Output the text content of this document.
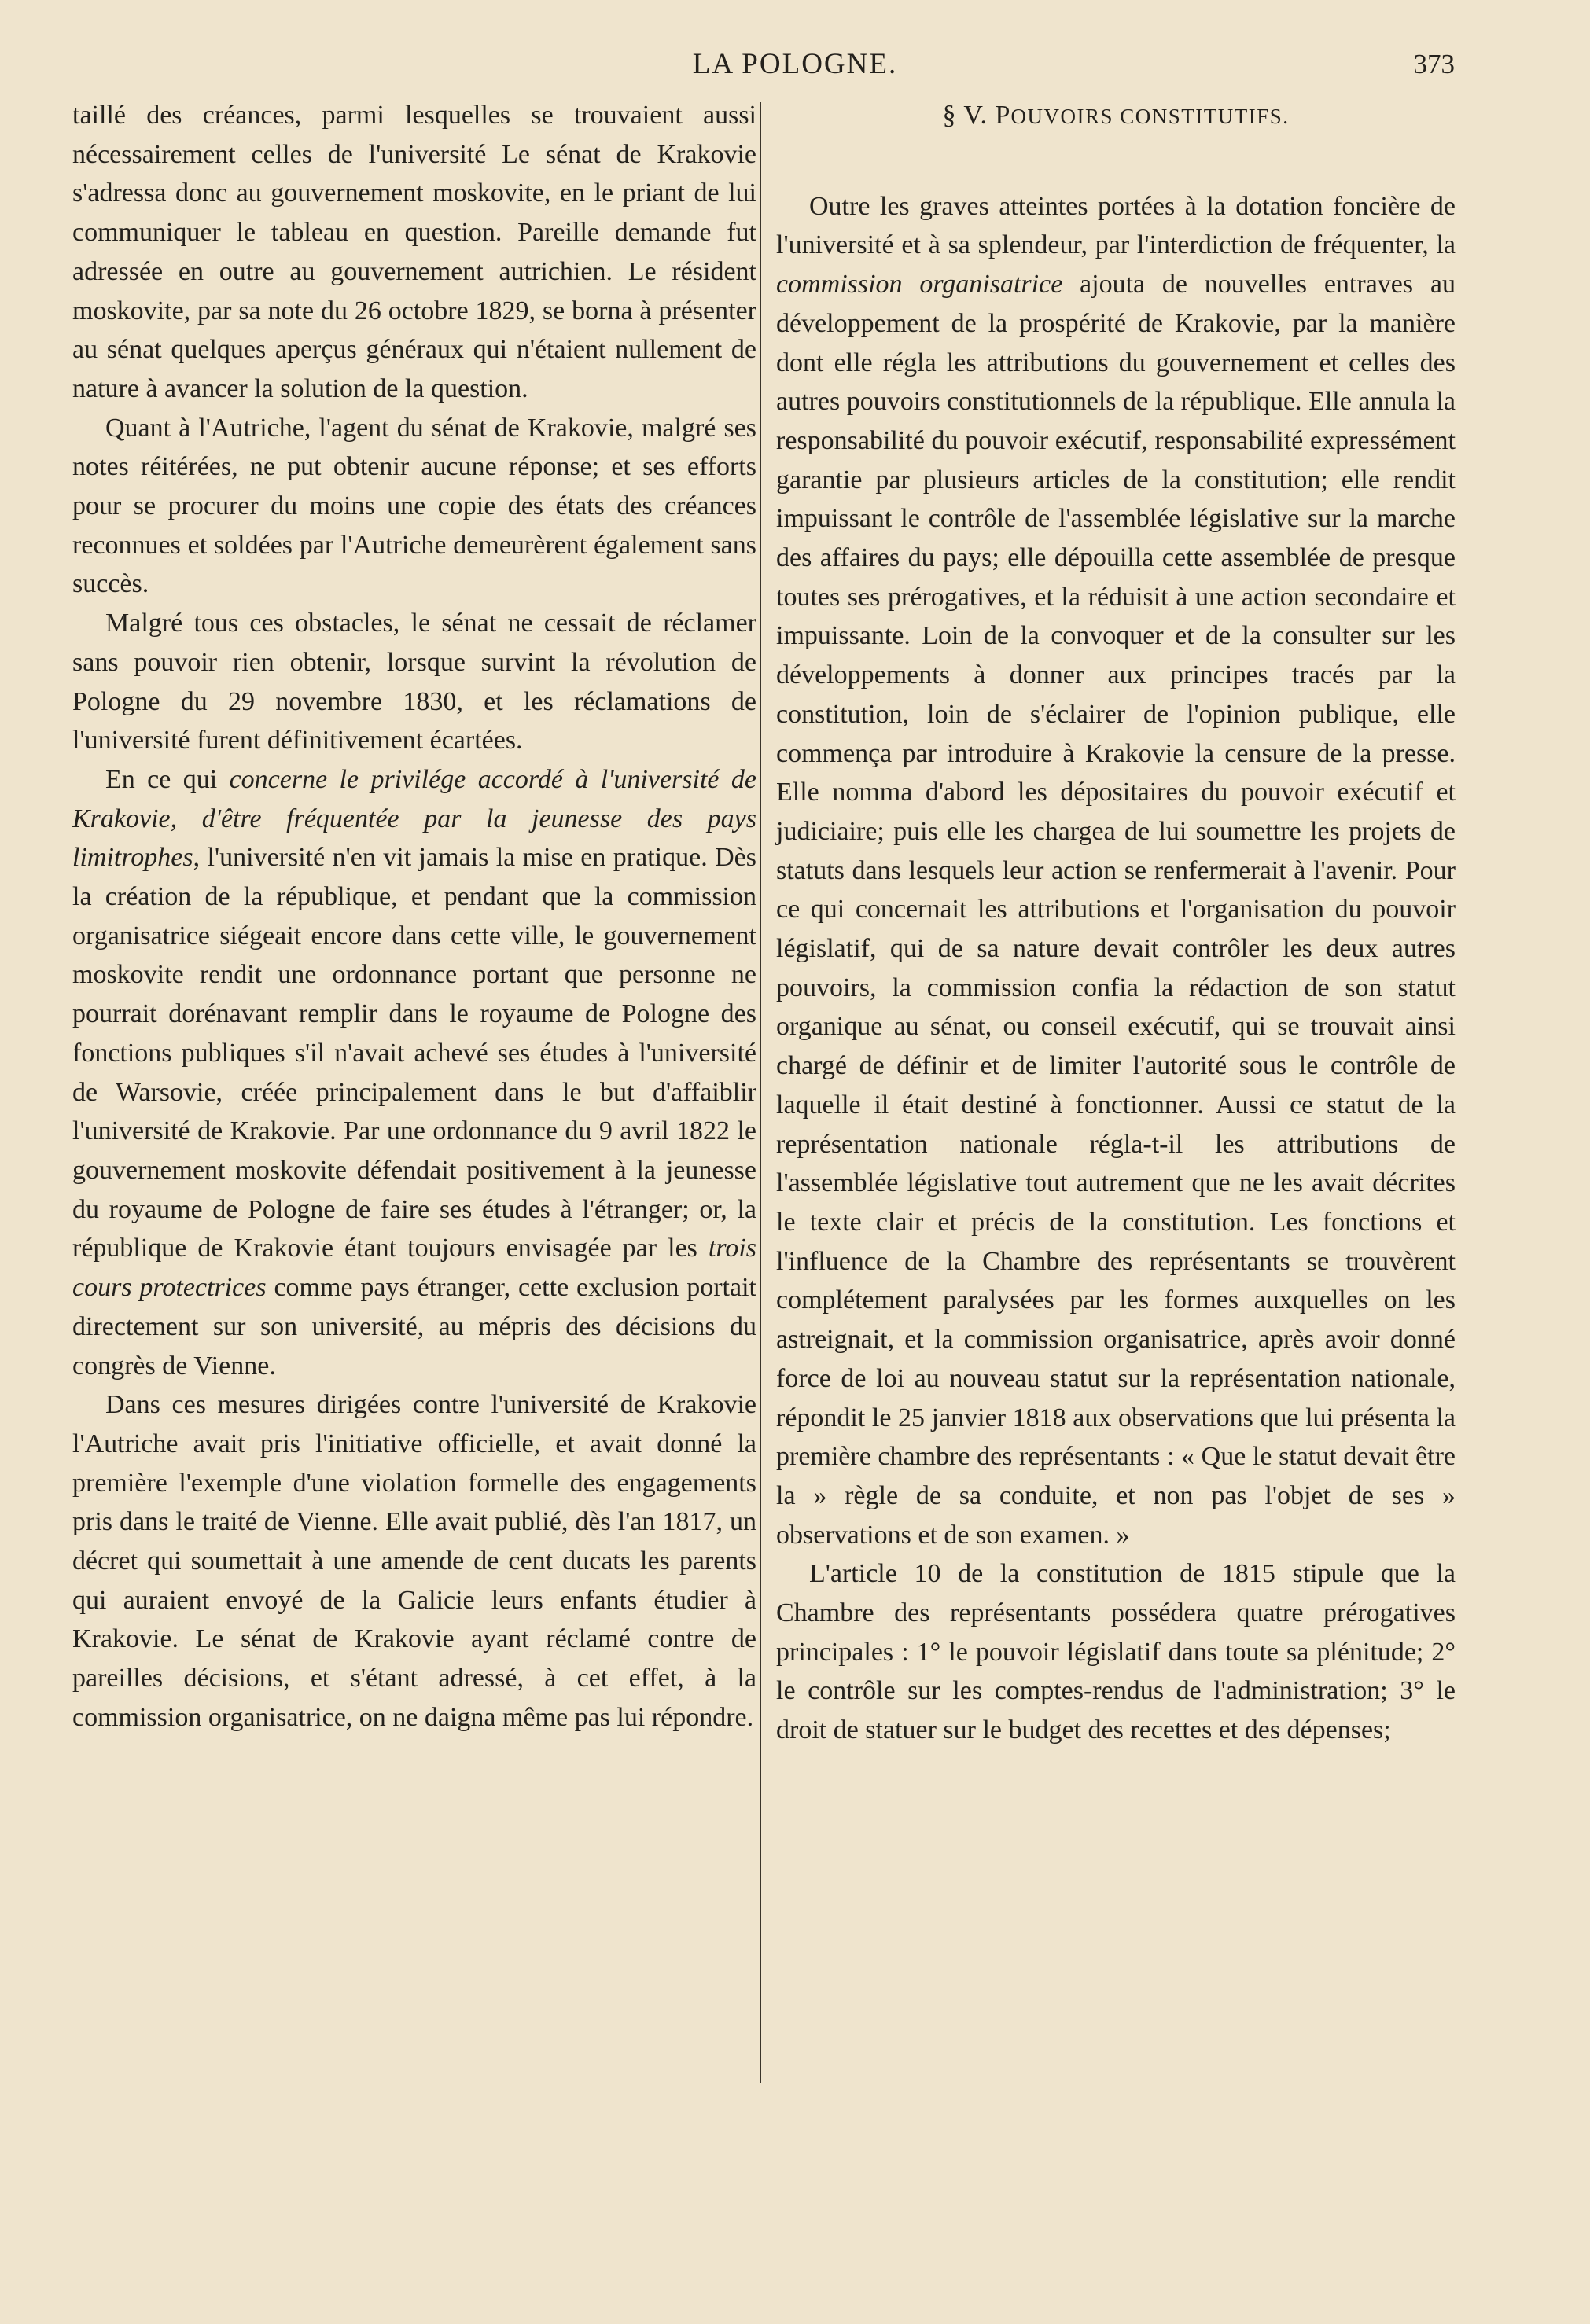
LA POLOGNE.	373

taillé des créances, parmi lesquelles se trouvaient aussi nécessairement celles de l'université Le sénat de Krakovie s'adressa donc au gouvernement moskovite, en le priant de lui communiquer le tableau en question. Pareille demande fut adressée en outre au gouvernement autrichien. Le résident moskovite, par sa note du 26 octobre 1829, se borna à présenter au sénat quelques aperçus généraux qui n'étaient nullement de nature à avancer la solution de la question.

Quant à l'Autriche, l'agent du sénat de Krakovie, malgré ses notes réitérées, ne put obtenir aucune réponse; et ses efforts pour se procurer du moins une copie des états des créances reconnues et soldées par l'Autriche demeurèrent également sans succès.

Malgré tous ces obstacles, le sénat ne cessait de réclamer sans pouvoir rien obtenir, lorsque survint la révolution de Pologne du 29 novembre 1830, et les réclamations de l'université furent définitivement écartées.

En ce qui concerne le privilége accordé à l'université de Krakovie, d'être fréquentée par la jeunesse des pays limitrophes, l'université n'en vit jamais la mise en pratique. Dès la création de la république, et pendant que la commission organisatrice siégeait encore dans cette ville, le gouvernement moskovite rendit une ordonnance portant que personne ne pourrait dorénavant remplir dans le royaume de Pologne des fonctions publiques s'il n'avait achevé ses études à l'université de Warsovie, créée principalement dans le but d'affaiblir l'université de Krakovie. Par une ordonnance du 9 avril 1822 le gouvernement moskovite défendait positivement à la jeunesse du royaume de Pologne de faire ses études à l'étranger; or, la république de Krakovie étant toujours envisagée par les trois cours protectrices comme pays étranger, cette exclusion portait directement sur son université, au mépris des décisions du congrès de Vienne.

Dans ces mesures dirigées contre l'université de Krakovie l'Autriche avait pris l'initiative officielle, et avait donné la première l'exemple d'une violation formelle des engagements pris dans le traité de Vienne. Elle avait publié, dès l'an 1817, un décret qui soumettait à une amende de cent ducats les parents qui auraient envoyé de la Galicie leurs enfants étudier à Krakovie. Le sénat de Krakovie ayant réclamé contre de pareilles décisions, et s'étant adressé, à cet effet, à la commission organisatrice, on ne daigna même pas lui répondre.

§ V. POUVOIRS CONSTITUTIFS.

Outre les graves atteintes portées à la dotation foncière de l'université et à sa splendeur, par l'interdiction de fréquenter, la commission organisatrice ajouta de nouvelles entraves au développement de la prospérité de Krakovie, par la manière dont elle régla les attributions du gouvernement et celles des autres pouvoirs constitutionnels de la république. Elle annula la responsabilité du pouvoir exécutif, responsabilité expressément garantie par plusieurs articles de la constitution; elle rendit impuissant le contrôle de l'assemblée législative sur la marche des affaires du pays; elle dépouilla cette assemblée de presque toutes ses prérogatives, et la réduisit à une action secondaire et impuissante. Loin de la convoquer et de la consulter sur les développements à donner aux principes tracés par la constitution, loin de s'éclairer de l'opinion publique, elle commença par introduire à Krakovie la censure de la presse. Elle nomma d'abord les dépositaires du pouvoir exécutif et judiciaire; puis elle les chargea de lui soumettre les projets de statuts dans lesquels leur action se renfermerait à l'avenir. Pour ce qui concernait les attributions et l'organisation du pouvoir législatif, qui de sa nature devait contrôler les deux autres pouvoirs, la commission confia la rédaction de son statut organique au sénat, ou conseil exécutif, qui se trouvait ainsi chargé de définir et de limiter l'autorité sous le contrôle de laquelle il était destiné à fonctionner. Aussi ce statut de la représentation nationale régla-t-il les attributions de l'assemblée législative tout autrement que ne les avait décrites le texte clair et précis de la constitution. Les fonctions et l'influence de la Chambre des représentants se trouvèrent complétement paralysées par les formes auxquelles on les astreignait, et la commission organisatrice, après avoir donné force de loi au nouveau statut sur la représentation nationale, répondit le 25 janvier 1818 aux observations que lui présenta la première chambre des représentants : « Que le statut devait être la » règle de sa conduite, et non pas l'objet de ses » observations et de son examen. »

L'article 10 de la constitution de 1815 stipule que la Chambre des représentants possédera quatre prérogatives principales : 1° le pouvoir législatif dans toute sa plénitude; 2° le contrôle sur les comptes-rendus de l'administration; 3° le droit de statuer sur le budget des recettes et des dépenses;
